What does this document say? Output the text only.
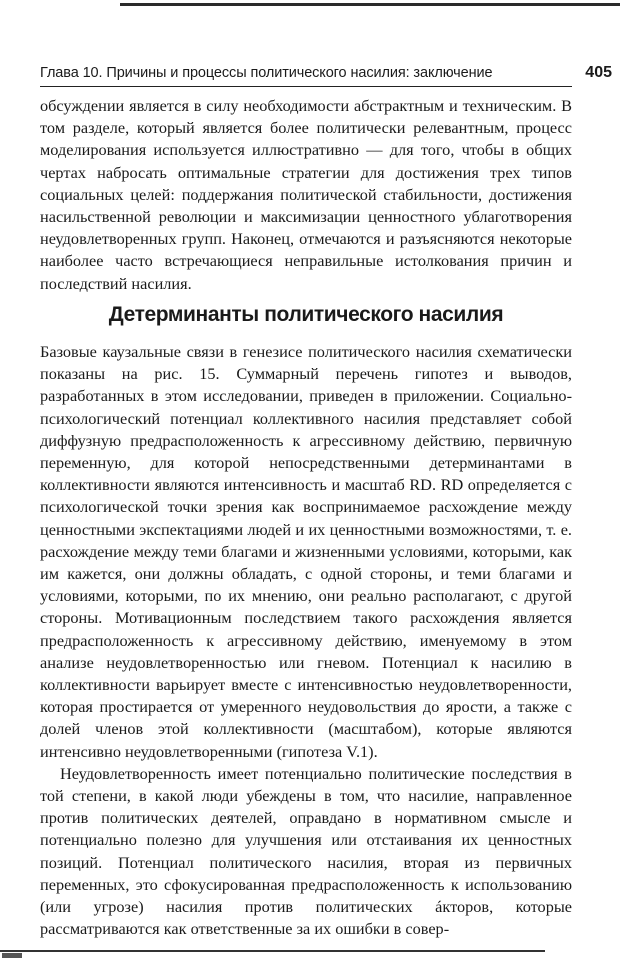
Глава 10. Причины и процессы политического насилия: заключение	405

обсуждении является в силу необходимости абстрактным и техническим. В том разделе, который является более политически релевантным, процесс моделирования используется иллюстративно — для того, чтобы в общих чертах набросать оптимальные стратегии для достижения трех типов социальных целей: поддержания политической стабильности, достижения насильственной революции и максимизации ценностного ублаготворения неудовлетворенных групп. Наконец, отмечаются и разъясняются некоторые наиболее часто встречающиеся неправильные истолкования причин и последствий насилия.

Детерминанты политического насилия

Базовые каузальные связи в генезисе политического насилия схематически показаны на рис. 15. Суммарный перечень гипотез и выводов, разработанных в этом исследовании, приведен в приложении. Социально-психологический потенциал коллективного насилия представляет собой диффузную предрасположенность к агрессивному действию, первичную переменную, для которой непосредственными детерминантами в коллективности являются интенсивность и масштаб RD. RD определяется с психологической точки зрения как воспринимаемое расхождение между ценностными экспектациями людей и их ценностными возможностями, т. е. расхождение между теми благами и жизненными условиями, которыми, как им кажется, они должны обладать, с одной стороны, и теми благами и условиями, которыми, по их мнению, они реально располагают, с другой стороны. Мотивационным последствием такого расхождения является предрасположенность к агрессивному действию, именуемому в этом анализе неудовлетворенностью или гневом. Потенциал к насилию в коллективности варьирует вместе с интенсивностью неудовлетворенности, которая простирается от умеренного неудовольствия до ярости, а также с долей членов этой коллективности (масштабом), которые являются интенсивно неудовлетворенными (гипотеза V.1).

Неудовлетворенность имеет потенциально политические последствия в той степени, в какой люди убеждены в том, что насилие, направленное против политических деятелей, оправдано в нормативном смысле и потенциально полезно для улучшения или отстаивания их ценностных позиций. Потенциал политического насилия, вторая из первичных переменных, это сфокусированная предрасположенность к использованию (или угрозе) насилия против политических áкторов, которые рассматриваются как ответственные за их ошибки в совер-
